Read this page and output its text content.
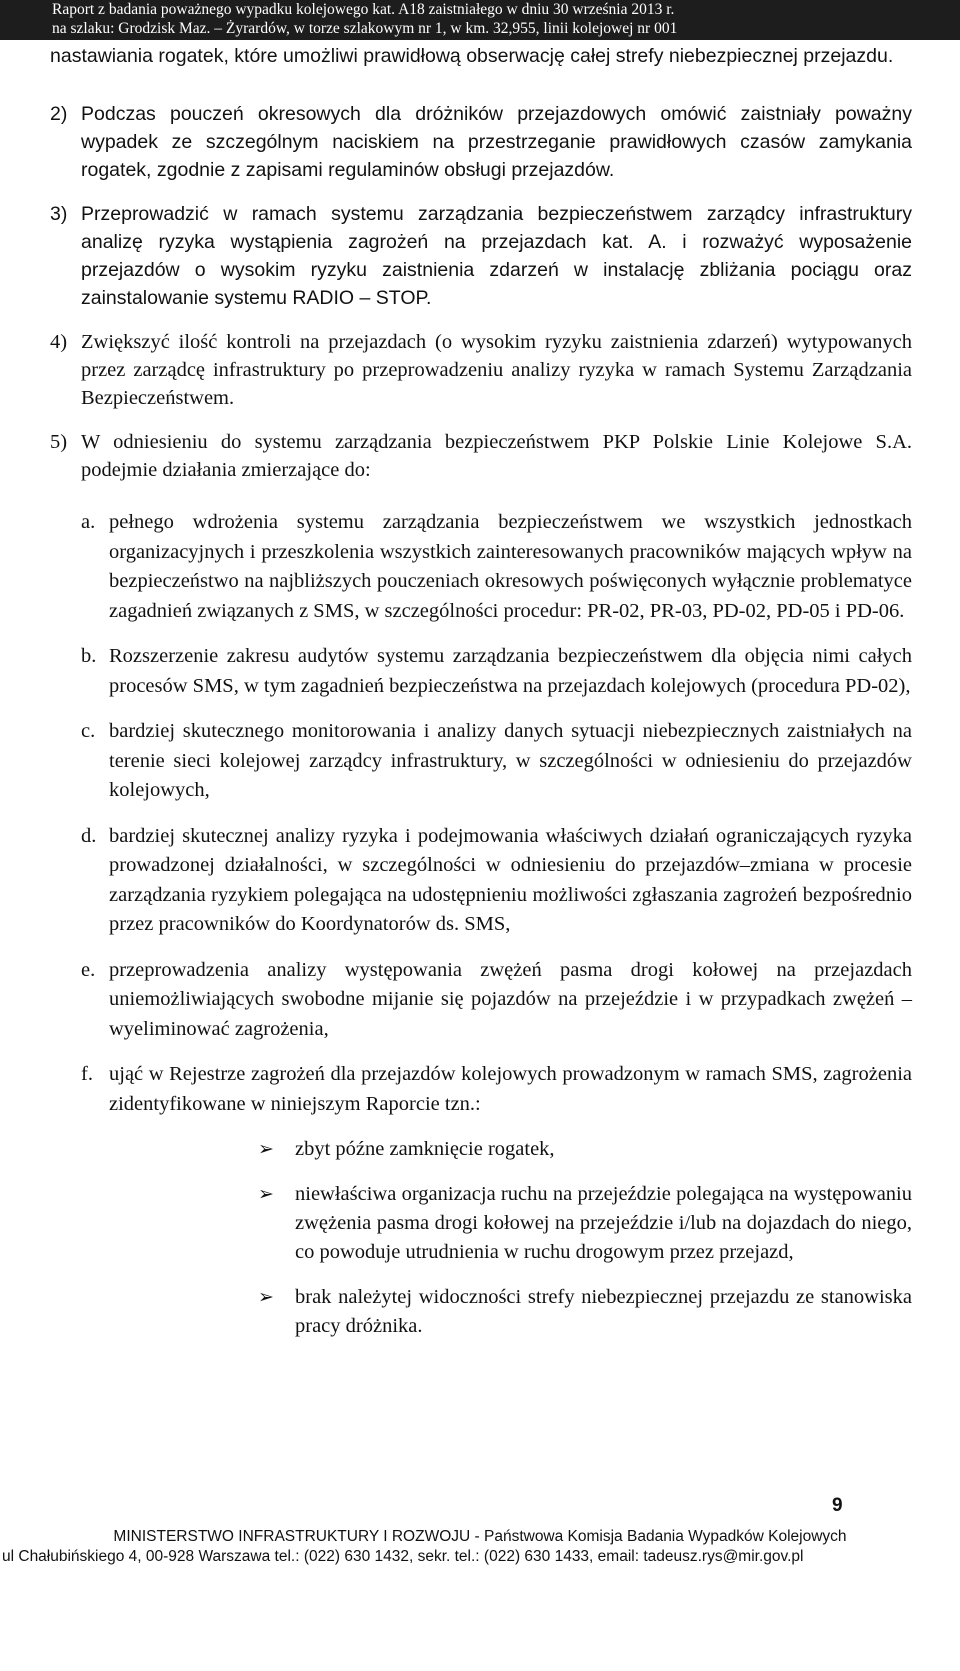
Raport z badania poważnego wypadku kolejowego kat. A18 zaistniałego w dniu 30 września 2013 r.
na szlaku: Grodzisk Maz. – Żyrardów, w torze szlakowym nr 1, w km. 32,955, linii kolejowej nr 001

nastawiania rogatek, które umożliwi prawidłową obserwację całej strefy niebezpiecznej przejazdu.

2) Podczas pouczeń okresowych dla dróżników przejazdowych omówić zaistniały poważny wypadek ze szczególnym naciskiem na przestrzeganie prawidłowych czasów zamykania rogatek, zgodnie z zapisami regulaminów obsługi przejazdów.
3) Przeprowadzić w ramach systemu zarządzania bezpieczeństwem zarządcy infrastruktury analizę ryzyka wystąpienia zagrożeń na przejazdach kat. A. i rozważyć wyposażenie przejazdów o wysokim ryzyku zaistnienia zdarzeń w instalację zbliżania pociągu oraz zainstalowanie systemu RADIO – STOP.
4) Zwiększyć ilość kontroli na przejazdach (o wysokim ryzyku zaistnienia zdarzeń) wytypowanych przez zarządcę infrastruktury po przeprowadzeniu analizy ryzyka w ramach Systemu Zarządzania Bezpieczeństwem.
5) W odniesieniu do systemu zarządzania bezpieczeństwem PKP Polskie Linie Kolejowe S.A. podejmie działania zmierzające do:
a. pełnego wdrożenia systemu zarządzania bezpieczeństwem we wszystkich jednostkach organizacyjnych i przeszkolenia wszystkich zainteresowanych pracowników mających wpływ na bezpieczeństwo na najbliższych pouczeniach okresowych poświęconych wyłącznie problematyce zagadnień związanych z SMS, w szczególności procedur: PR-02, PR-03, PD-02, PD-05 i PD-06.
b. Rozszerzenie zakresu audytów systemu zarządzania bezpieczeństwem dla objęcia nimi całych procesów SMS, w tym zagadnień bezpieczeństwa na przejazdach kolejowych (procedura PD-02),
c. bardziej skutecznego monitorowania i analizy danych sytuacji niebezpiecznych zaistniałych na terenie sieci kolejowej zarządcy infrastruktury, w szczególności w odniesieniu do przejazdów kolejowych,
d. bardziej skutecznej analizy ryzyka i podejmowania właściwych działań ograniczających ryzyka prowadzonej działalności, w szczególności w odniesieniu do przejazdów–zmiana w procesie zarządzania ryzykiem polegająca na udostępnieniu możliwości zgłaszania zagrożeń bezpośrednio przez pracowników do Koordynatorów ds. SMS,
e. przeprowadzenia analizy występowania zwężeń pasma drogi kołowej na przejazdach uniemożliwiających swobodne mijanie się pojazdów na przejeździe i w przypadkach zwężeń – wyeliminować zagrożenia,
f. ująć w Rejestrze zagrożeń dla przejazdów kolejowych prowadzonym w ramach SMS, zagrożenia zidentyfikowane w niniejszym Raporcie tzn.:
➢	zbyt późne zamknięcie rogatek,
➢	niewłaściwa organizacja ruchu na przejeździe polegająca na występowaniu zwężenia pasma drogi kołowej na przejeździe i/lub na dojazdach do niego, co powoduje utrudnienia w ruchu drogowym przez przejazd,
➢	brak należytej widoczności strefy niebezpiecznej przejazdu ze stanowiska pracy dróżnika.
9
MINISTERSTWO INFRASTRUKTURY I ROZWOJU - Państwowa Komisja Badania Wypadków Kolejowych
ul Chałubińskiego 4, 00-928 Warszawa tel.: (022) 630 1432, sekr. tel.: (022) 630 1433, email: tadeusz.rys@mir.gov.pl
